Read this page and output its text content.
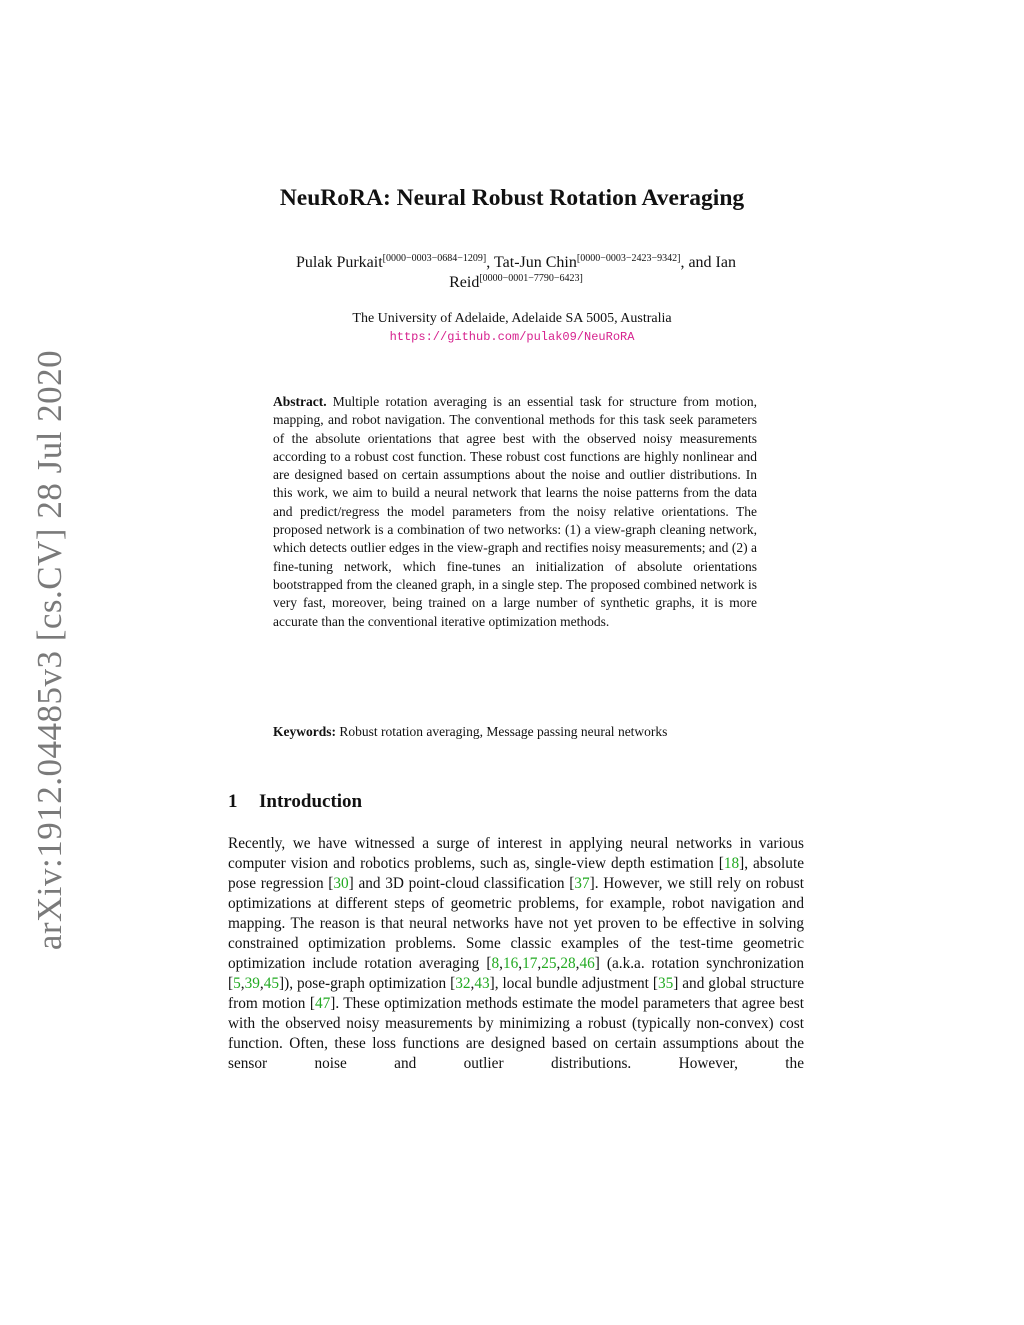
arXiv:1912.04485v3 [cs.CV] 28 Jul 2020
NeuRoRA: Neural Robust Rotation Averaging
Pulak Purkait[0000−0003−0684−1209], Tat-Jun Chin[0000−0003−2423−9342], and Ian Reid[0000−0001−7790−6423]
The University of Adelaide, Adelaide SA 5005, Australia
https://github.com/pulak09/NeuRoRA
Abstract. Multiple rotation averaging is an essential task for structure from motion, mapping, and robot navigation. The conventional methods for this task seek parameters of the absolute orientations that agree best with the observed noisy measurements according to a robust cost function. These robust cost functions are highly nonlinear and are designed based on certain assumptions about the noise and outlier distributions. In this work, we aim to build a neural network that learns the noise patterns from the data and predict/regress the model parameters from the noisy relative orientations. The proposed network is a combination of two networks: (1) a view-graph cleaning network, which detects outlier edges in the view-graph and rectifies noisy measurements; and (2) a fine-tuning network, which fine-tunes an initialization of absolute orientations bootstrapped from the cleaned graph, in a single step. The proposed combined network is very fast, moreover, being trained on a large number of synthetic graphs, it is more accurate than the conventional iterative optimization methods.
Keywords: Robust rotation averaging, Message passing neural networks
1 Introduction

Recently, we have witnessed a surge of interest in applying neural networks in various computer vision and robotics problems, such as, single-view depth estimation [18], absolute pose regression [30] and 3D point-cloud classification [37]. However, we still rely on robust optimizations at different steps of geometric problems, for example, robot navigation and mapping. The reason is that neural networks have not yet proven to be effective in solving constrained optimization problems. Some classic examples of the test-time geometric optimization include rotation averaging [8,16,17,25,28,46] (a.k.a. rotation synchronization [5,39,45]), pose-graph optimization [32,43], local bundle adjustment [35] and global structure from motion [47]. These optimization methods estimate the model parameters that agree best with the observed noisy measurements by minimizing a robust (typically non-convex) cost function. Often, these loss functions are designed based on certain assumptions about the sensor noise and outlier distributions. However, the
